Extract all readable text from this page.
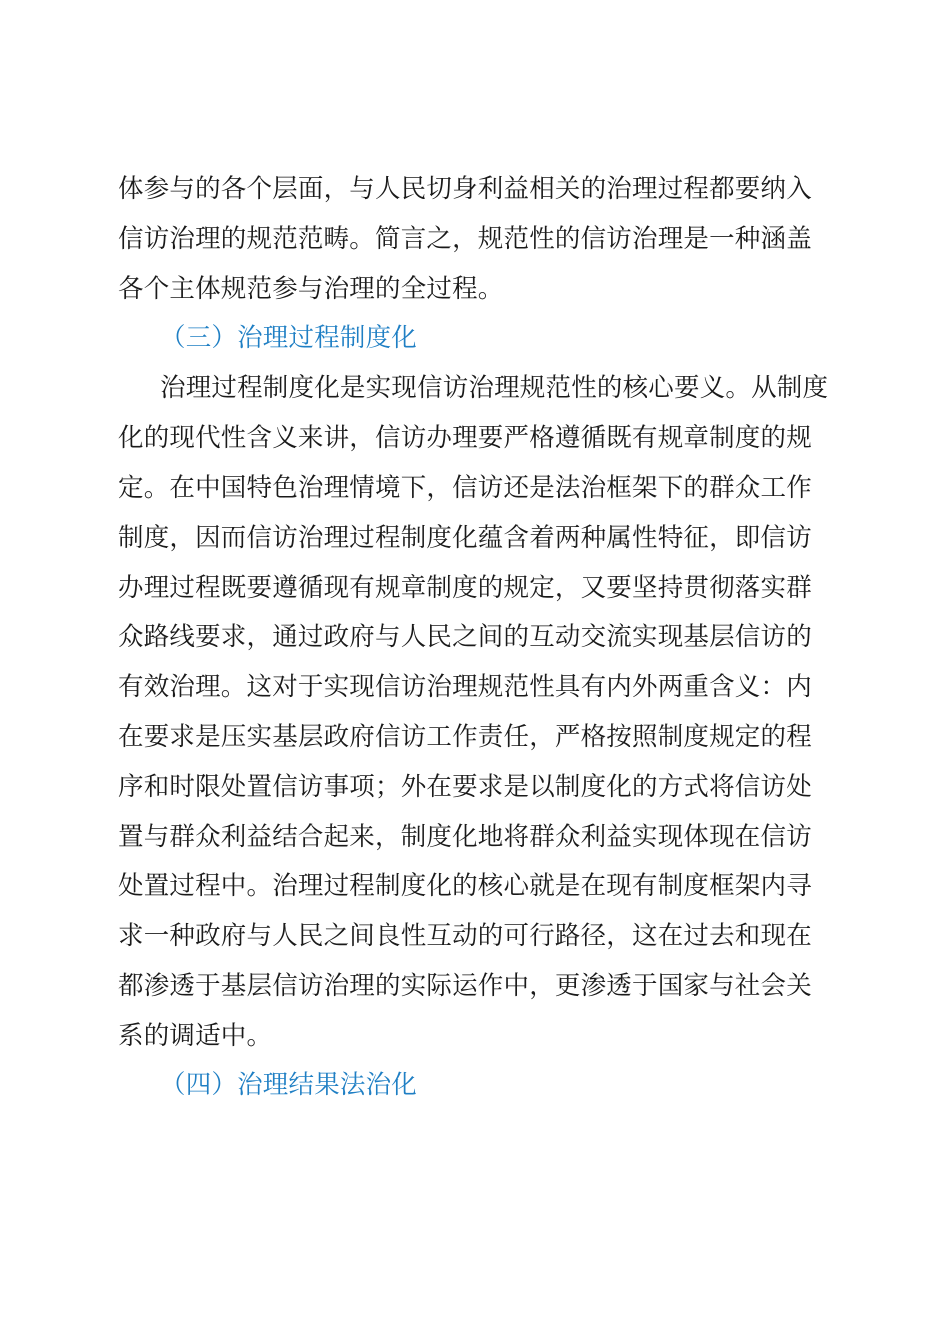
体参与的各个层面，与人民切身利益相关的治理过程都要纳入
信访治理的规范范畴。简言之，规范性的信访治理是一种涵盖
各个主体规范参与治理的全过程。
（三）治理过程制度化
治理过程制度化是实现信访治理规范性的核心要义。从制度
化的现代性含义来讲，信访办理要严格遵循既有规章制度的规
定。在中国特色治理情境下，信访还是法治框架下的群众工作
制度，因而信访治理过程制度化蕴含着两种属性特征，即信访
办理过程既要遵循现有规章制度的规定，又要坚持贯彻落实群
众路线要求，通过政府与人民之间的互动交流实现基层信访的
有效治理。这对于实现信访治理规范性具有内外两重含义：内
在要求是压实基层政府信访工作责任，严格按照制度规定的程
序和时限处置信访事项；外在要求是以制度化的方式将信访处
置与群众利益结合起来，制度化地将群众利益实现体现在信访
处置过程中。治理过程制度化的核心就是在现有制度框架内寻
求一种政府与人民之间良性互动的可行路径，这在过去和现在
都渗透于基层信访治理的实际运作中，更渗透于国家与社会关
系的调适中。
（四）治理结果法治化
